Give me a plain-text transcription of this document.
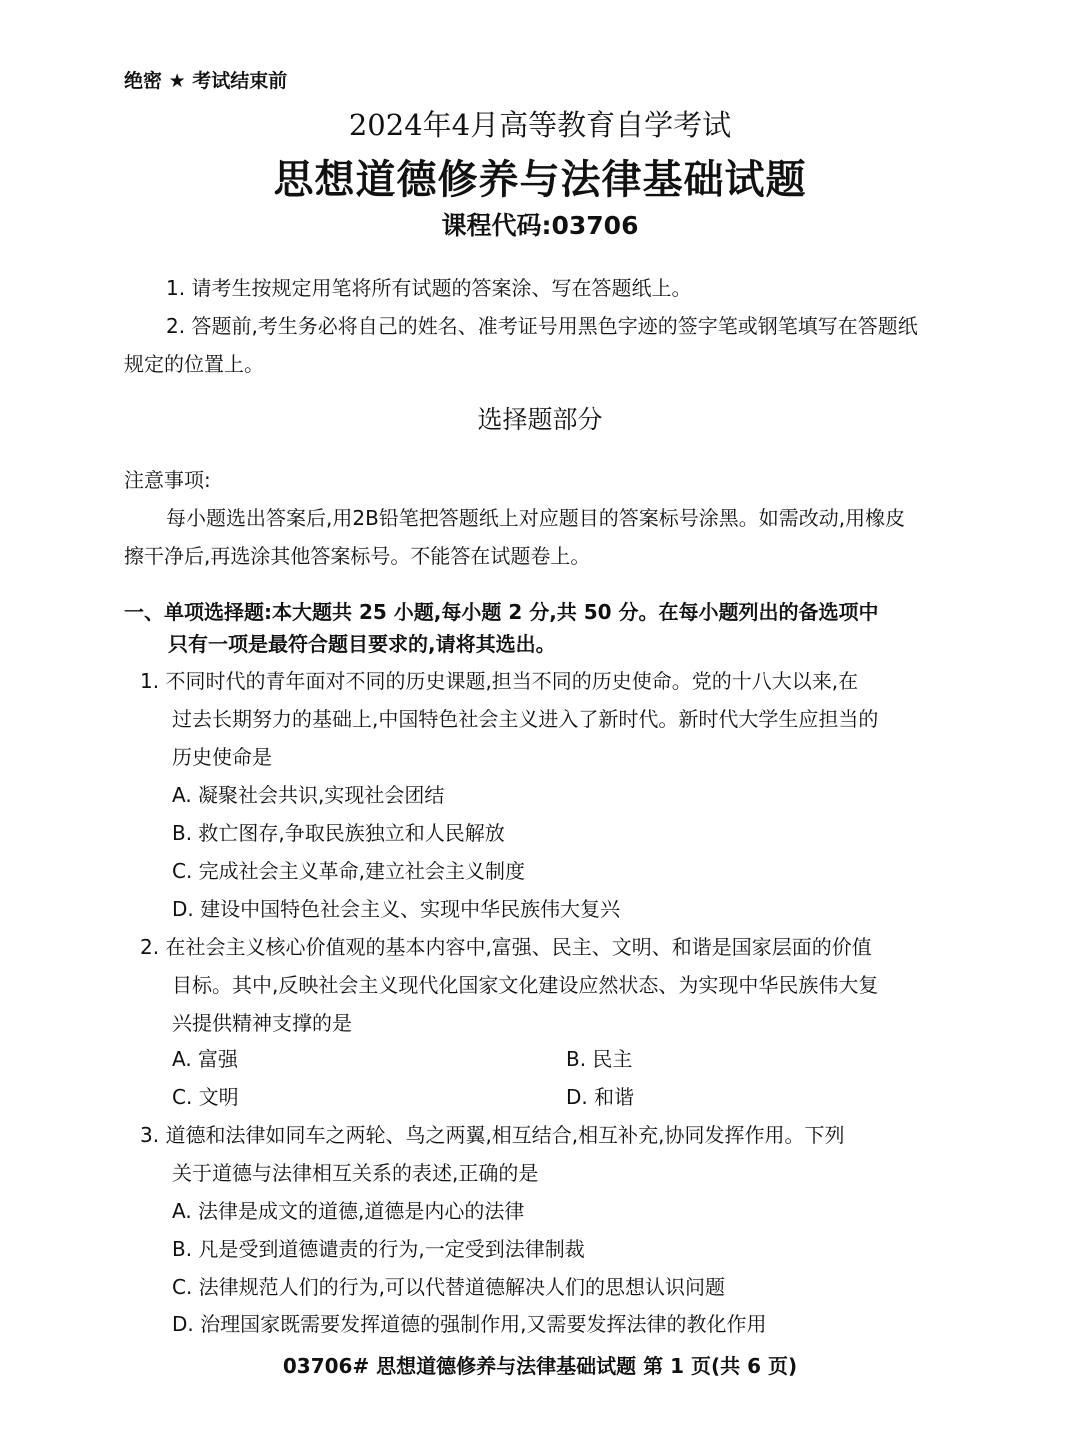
绝密 ★ 考试结束前
2024年4月高等教育自学考试
思想道德修养与法律基础试题
课程代码:03706
1. 请考生按规定用笔将所有试题的答案涂、写在答题纸上。
2. 答题前,考生务必将自己的姓名、准考证号用黑色字迹的签字笔或钢笔填写在答题纸
规定的位置上。
选择题部分
注意事项:
每小题选出答案后,用2B铅笔把答题纸上对应题目的答案标号涂黑。如需改动,用橡皮
擦干净后,再选涂其他答案标号。不能答在试题卷上。
一、单项选择题:本大题共 25 小题,每小题 2 分,共 50 分。在每小题列出的备选项中
只有一项是最符合题目要求的,请将其选出。
1. 不同时代的青年面对不同的历史课题,担当不同的历史使命。党的十八大以来,在
过去长期努力的基础上,中国特色社会主义进入了新时代。新时代大学生应担当的
历史使命是
A. 凝聚社会共识,实现社会团结
B. 救亡图存,争取民族独立和人民解放
C. 完成社会主义革命,建立社会主义制度
D. 建设中国特色社会主义、实现中华民族伟大复兴
2. 在社会主义核心价值观的基本内容中,富强、民主、文明、和谐是国家层面的价值
目标。其中,反映社会主义现代化国家文化建设应然状态、为实现中华民族伟大复
兴提供精神支撑的是
A. 富强	B. 民主
C. 文明	D. 和谐
3. 道德和法律如同车之两轮、鸟之两翼,相互结合,相互补充,协同发挥作用。下列
关于道德与法律相互关系的表述,正确的是
A. 法律是成文的道德,道德是内心的法律
B. 凡是受到道德谴责的行为,一定受到法律制裁
C. 法律规范人们的行为,可以代替道德解决人们的思想认识问题
D. 治理国家既需要发挥道德的强制作用,又需要发挥法律的教化作用
03706# 思想道德修养与法律基础试题 第 1 页(共 6 页)
